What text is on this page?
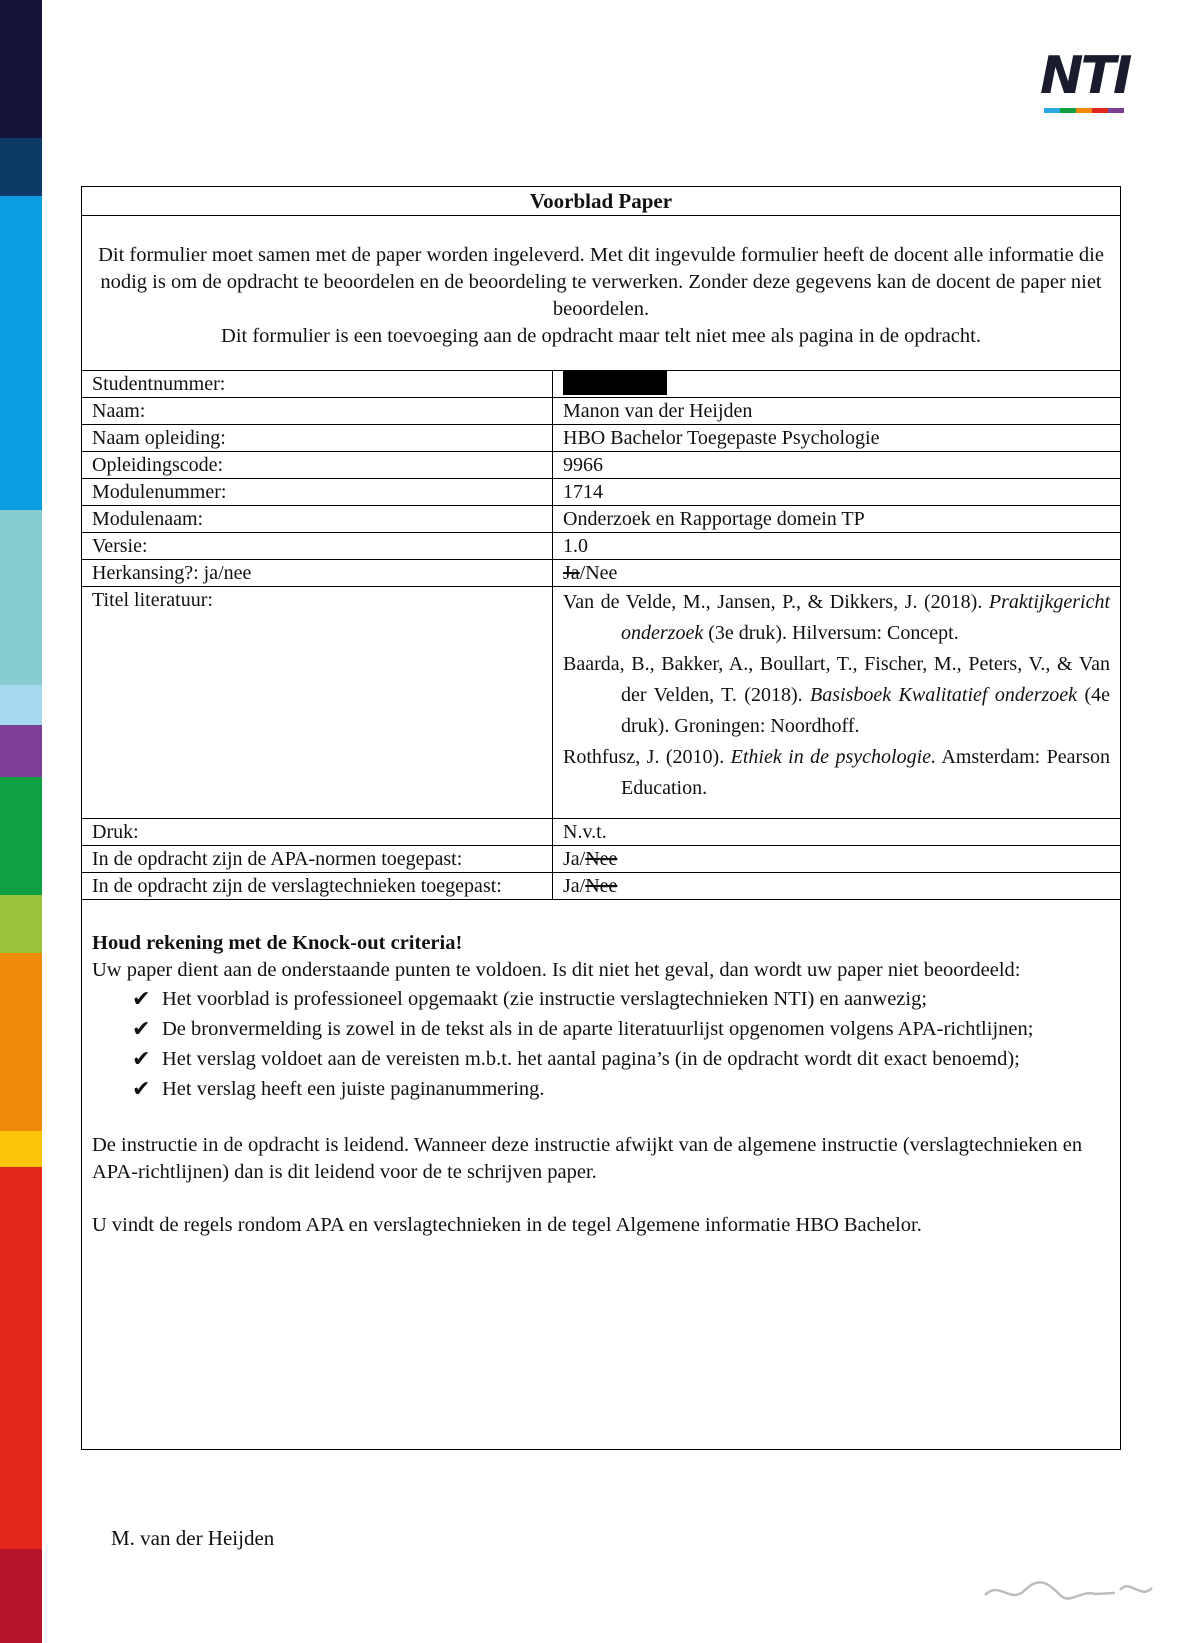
NTI
Voorblad Paper
Dit formulier moet samen met de paper worden ingeleverd. Met dit ingevulde formulier heeft de docent alle informatie die nodig is om de opdracht te beoordelen en de beoordeling te verwerken. Zonder deze gegevens kan de docent de paper niet beoordelen.
Dit formulier is een toevoeging aan de opdracht maar telt niet mee als pagina in de opdracht.
Studentnummer:	
Naam:	Manon van der Heijden
Naam opleiding:	HBO Bachelor Toegepaste Psychologie
Opleidingscode:	9966
Modulenummer:	1714
Modulenaam:	Onderzoek en Rapportage domein TP
Versie:	1.0
Herkansing?: ja/nee	Ja/Nee
Titel literatuur:	Van de Velde, M., Jansen, P., & Dikkers, J. (2018). Praktijkgericht onderzoek (3e druk). Hilversum: Concept.

Baarda, B., Bakker, A., Boullart, T., Fischer, M., Peters, V., & Van der Velden, T. (2018). Basisboek Kwalitatief onderzoek (4e druk). Groningen: Noordhoff.

Rothfusz, J. (2010). Ethiek in de psychologie. Amsterdam: Pearson Education.

Druk:	N.v.t.
In de opdracht zijn de APA-normen toegepast:	Ja/Nee
In de opdracht zijn de verslagtechnieken toegepast:	Ja/Nee
Houd rekening met de Knock-out criteria!

Uw paper dient aan de onderstaande punten te voldoen. Is dit niet het geval, dan wordt uw paper niet beoordeeld:

✔ Het voorblad is professioneel opgemaakt (zie instructie verslagtechnieken NTI) en aanwezig;
✔ De bronvermelding is zowel in de tekst als in de aparte literatuurlijst opgenomen volgens APA-richtlijnen;
✔ Het verslag voldoet aan de vereisten m.b.t. het aantal pagina’s (in de opdracht wordt dit exact benoemd);
✔ Het verslag heeft een juiste paginanummering.

De instructie in de opdracht is leidend. Wanneer deze instructie afwijkt van de algemene instructie (verslagtechnieken en APA-richtlijnen) dan is dit leidend voor de te schrijven paper.

U vindt de regels rondom APA en verslagtechnieken in de tegel Algemene informatie HBO Bachelor.

M. van der Heijden
